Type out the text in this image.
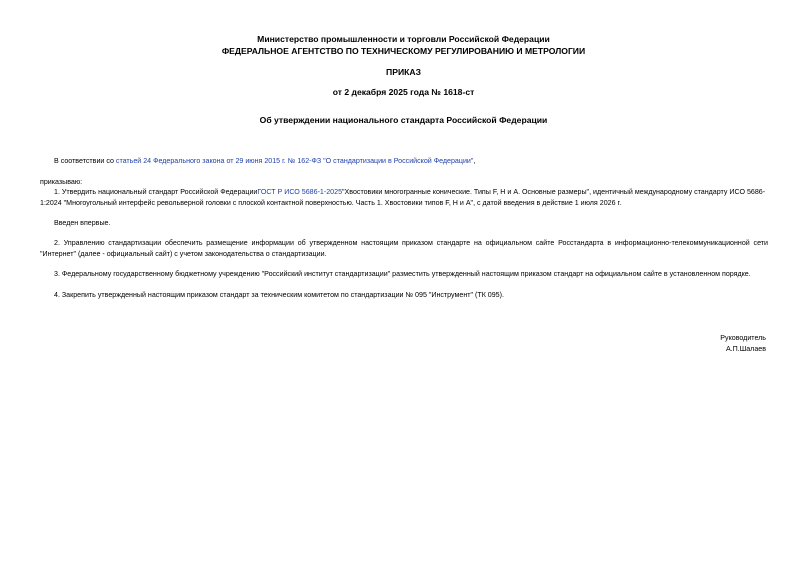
Министерство промышленности и торговли Российской Федерации
ФЕДЕРАЛЬНОЕ АГЕНТСТВО ПО ТЕХНИЧЕСКОМУ РЕГУЛИРОВАНИЮ И МЕТРОЛОГИИ
ПРИКАЗ
от 2 декабря 2025 года № 1618-ст
Об утверждении национального стандарта Российской Федерации
В соответствии со статьей 24 Федерального закона от 29 июня 2015 г. № 162-ФЗ "О стандартизации в Российской Федерации",
приказываю:
1. Утвердить национальный стандарт Российской ФедерацииГОСТ Р ИСО 5686-1-2025"Хвостовики многогранные конические. Типы F, H и A. Основные размеры", идентичный международному стандарту ИСО 5686-1:2024 "Многоугольный интерфейс револьверной головки с плоской контактной поверхностью. Часть 1. Хвостовики типов F, H и A", с датой введения в действие 1 июля 2026 г.
Введен впервые.
2. Управлению стандартизации обеспечить размещение информации об утвержденном настоящим приказом стандарте на официальном сайте Росстандарта в информационно-телекоммуникационной сети "Интернет" (далее - официальный сайт) с учетом законодательства о стандартизации.
3. Федеральному государственному бюджетному учреждению "Российский институт стандартизации" разместить утвержденный настоящим приказом стандарт на официальном сайте в установленном порядке.
4. Закрепить утвержденный настоящим приказом стандарт за техническим комитетом по стандартизации № 095 "Инструмент" (ТК 095).
Руководитель
А.П.Шалаев
